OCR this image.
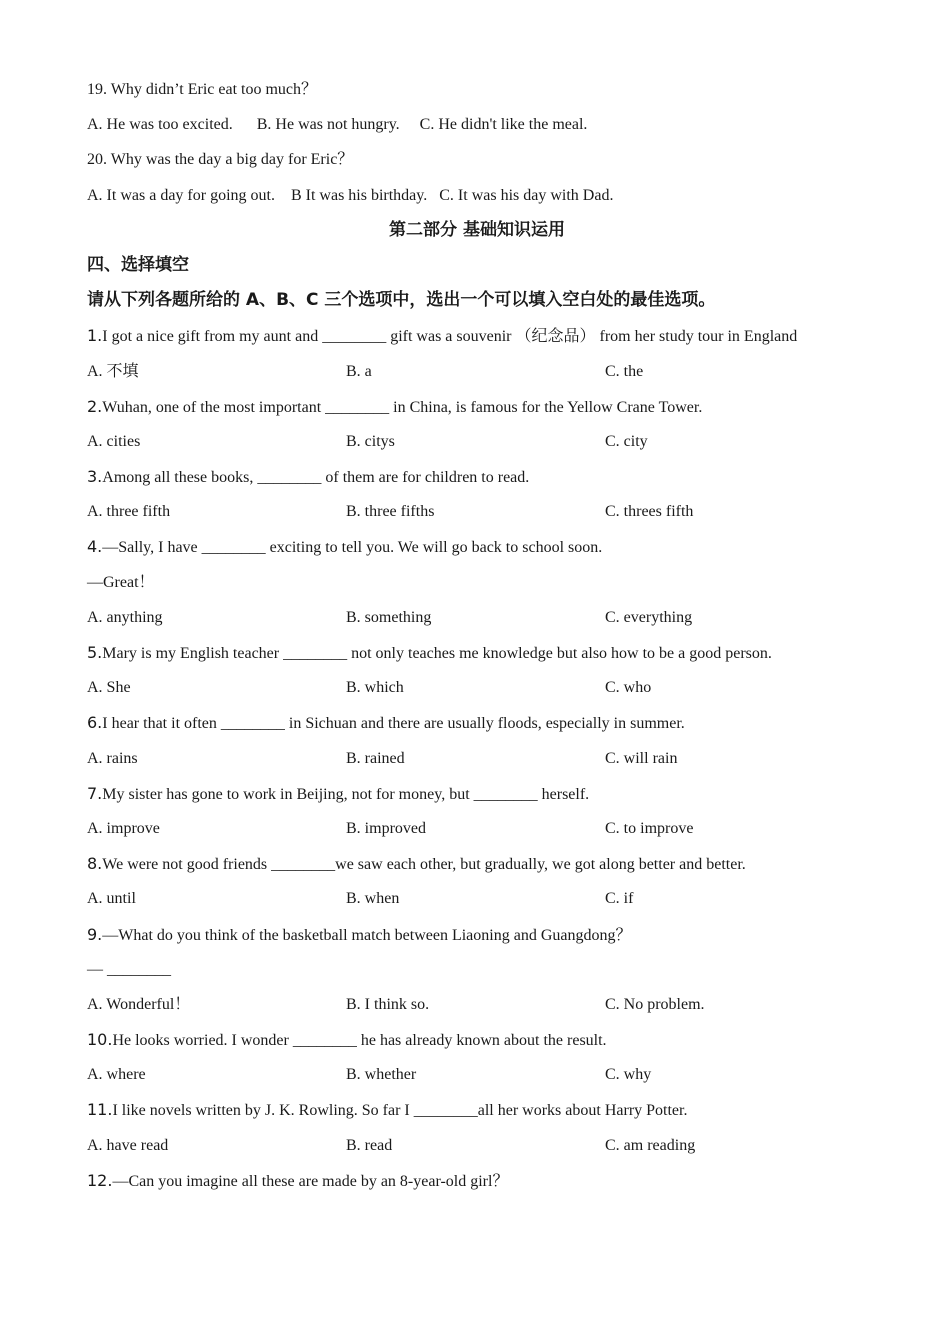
19. Why didn’t Eric eat too much？
A. He was too excited.      B. He was not hungry.     C. He didn't like the meal.
20. Why was the day a big day for Eric？
A. It was a day for going out.    B It was his birthday.   C. It was his day with Dad.
第二部分 基础知识运用
四、选择填空
请从下列各题所给的 A、B、C 三个选项中，选出一个可以填入空白处的最佳选项。
1.I got a nice gift from my aunt and ________ gift was a souvenir （纪念品） from her study tour in England
A. 不填	B. a	C. the
2.Wuhan, one of the most important ________ in China, is famous for the Yellow Crane Tower.
A. cities	B. citys	C. city
3.Among all these books, ________ of them are for children to read.
A. three fifth	B. three fifths	C. threes fifth
4.—Sally, I have ________ exciting to tell you. We will go back to school soon.
—Great！
A. anything	B. something	C. everything
5.Mary is my English teacher ________ not only teaches me knowledge but also how to be a good person.
A. She	B. which	C. who
6.I hear that it often ________ in Sichuan and there are usually floods, especially in summer.
A. rains	B. rained	C. will rain
7.My sister has gone to work in Beijing, not for money, but ________ herself.
A. improve	B. improved	C. to improve
8.We were not good friends ________we saw each other, but gradually, we got along better and better.
A. until	B. when	C. if
9.—What do you think of the basketball match between Liaoning and Guangdong？
— ________
A. Wonderful！	B. I think so.	C. No problem.
10.He looks worried. I wonder ________ he has already known about the result.
A. where	B. whether	C. why
11.I like novels written by J. K. Rowling. So far I ________all her works about Harry Potter.
A. have read	B. read	C. am reading
12.—Can you imagine all these are made by an 8-year-old girl？
